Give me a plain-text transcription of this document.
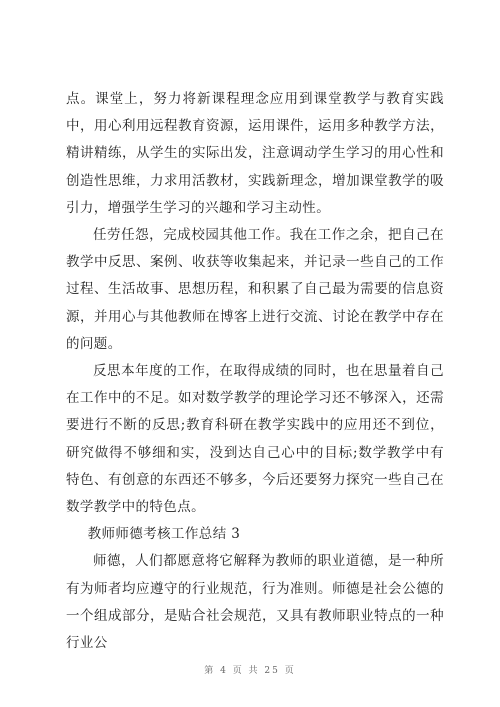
点。课堂上，努力将新课程理念应用到课堂教学与教育实践中，用心利用远程教育资源，运用课件，运用多种教学方法，精讲精练，从学生的实际出发，注意调动学生学习的用心性和创造性思维，力求用活教材，实践新理念，增加课堂教学的吸引力，增强学生学习的兴趣和学习主动性。

任劳任怨，完成校园其他工作。我在工作之余，把自己在教学中反思、案例、收获等收集起来，并记录一些自己的工作过程、生活故事、思想历程，和积累了自己最为需要的信息资源，并用心与其他教师在博客上进行交流、讨论在教学中存在的问题。

反思本年度的工作，在取得成绩的同时，也在思量着自己在工作中的不足。如对数学教学的理论学习还不够深入，还需要进行不断的反思;教育科研在教学实践中的应用还不到位，研究做得不够细和实，没到达自己心中的目标;数学教学中有特色、有创意的东西还不够多，今后还要努力探究一些自己在数学教学中的特色点。

教师师德考核工作总结 3

师德，人们都愿意将它解释为教师的职业道德，是一种所有为师者均应遵守的行业规范，行为准则。师德是社会公德的一个组成部分，是贴合社会规范，又具有教师职业特点的一种行业公

第 4 页 共 25 页
